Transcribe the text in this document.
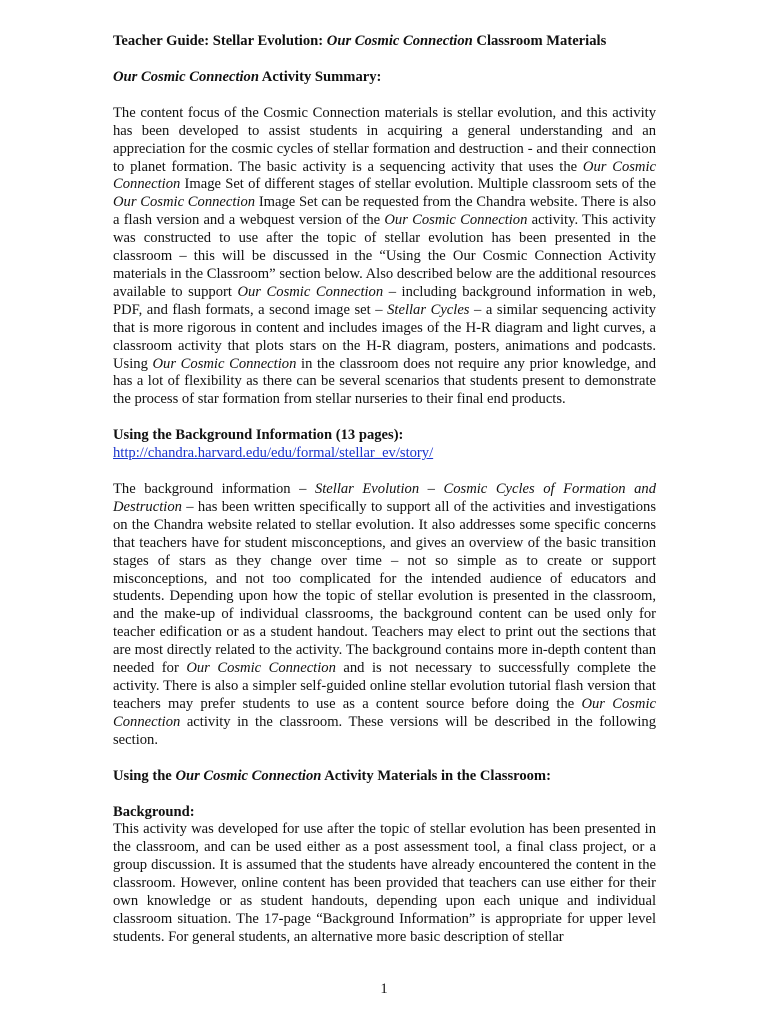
Teacher Guide: Stellar Evolution: Our Cosmic Connection Classroom Materials
Our Cosmic Connection Activity Summary:

The content focus of the Cosmic Connection materials is stellar evolution, and this activity has been developed to assist students in acquiring a general understanding and an appreciation for the cosmic cycles of stellar formation and destruction - and their connection to planet formation. The basic activity is a sequencing activity that uses the Our Cosmic Connection Image Set of different stages of stellar evolution. Multiple classroom sets of the Our Cosmic Connection Image Set can be requested from the Chandra website. There is also a flash version and a webquest version of the Our Cosmic Connection activity. This activity was constructed to use after the topic of stellar evolution has been presented in the classroom – this will be discussed in the “Using the Our Cosmic Connection Activity materials in the Classroom” section below. Also described below are the additional resources available to support Our Cosmic Connection – including background information in web, PDF, and flash formats, a second image set – Stellar Cycles – a similar sequencing activity that is more rigorous in content and includes images of the H-R diagram and light curves, a classroom activity that plots stars on the H-R diagram, posters, animations and podcasts. Using Our Cosmic Connection in the classroom does not require any prior knowledge, and has a lot of flexibility as there can be several scenarios that students present to demonstrate the process of star formation from stellar nurseries to their final end products.

Using the Background Information (13 pages):
http://chandra.harvard.edu/edu/formal/stellar_ev/story/

The background information – Stellar Evolution – Cosmic Cycles of Formation and Destruction – has been written specifically to support all of the activities and investigations on the Chandra website related to stellar evolution. It also addresses some specific concerns that teachers have for student misconceptions, and gives an overview of the basic transition stages of stars as they change over time – not so simple as to create or support misconceptions, and not too complicated for the intended audience of educators and students. Depending upon how the topic of stellar evolution is presented in the classroom, and the make-up of individual classrooms, the background content can be used only for teacher edification or as a student handout. Teachers may elect to print out the sections that are most directly related to the activity. The background contains more in-depth content than needed for Our Cosmic Connection and is not necessary to successfully complete the activity. There is also a simpler self-guided online stellar evolution tutorial flash version that teachers may prefer students to use as a content source before doing the Our Cosmic Connection activity in the classroom. These versions will be described in the following section.

Using the Our Cosmic Connection Activity Materials in the Classroom:
Background:

This activity was developed for use after the topic of stellar evolution has been presented in the classroom, and can be used either as a post assessment tool, a final class project, or a group discussion. It is assumed that the students have already encountered the content in the classroom. However, online content has been provided that teachers can use either for their own knowledge or as student handouts, depending upon each unique and individual classroom situation. The 17-page “Background Information” is appropriate for upper level students. For general students, an alternative more basic description of stellar

1
